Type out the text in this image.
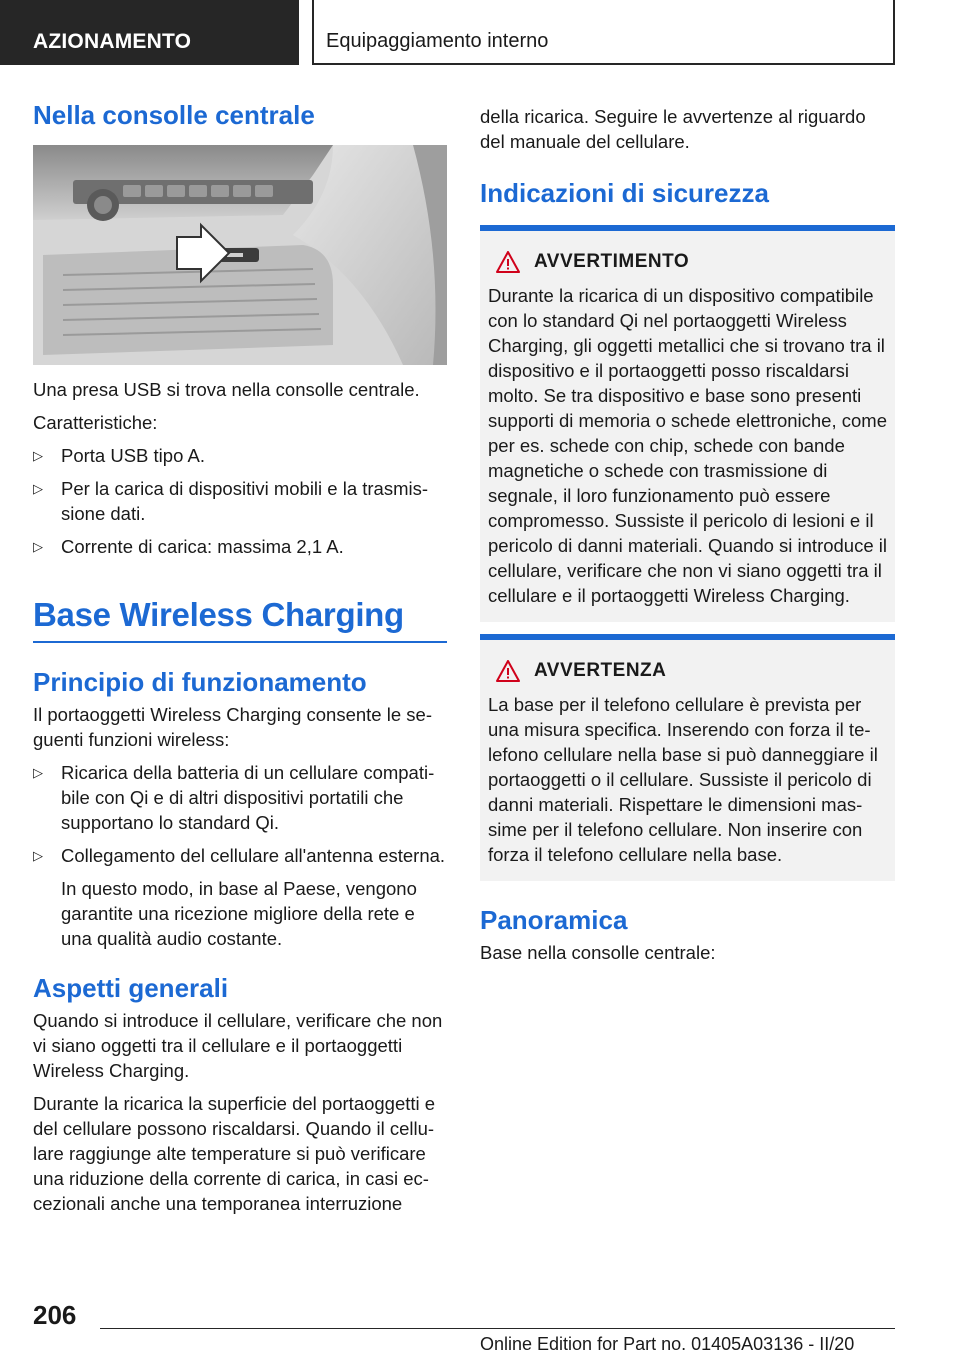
AZIONAMENTO	Equipaggiamento interno
Nella consolle centrale

Una presa USB si trova nella consolle centrale.

Caratteristiche:

▷ Porta USB tipo A.
▷ Per la carica di dispositivi mobili e la trasmis-sione dati.
▷ Corrente di carica: massima 2,1 A.
Base Wireless Charging
Principio di funzionamento

Il portaoggetti Wireless Charging consente le se-guenti funzioni wireless:

▷ Ricarica della batteria di un cellulare compati-bile con Qi e di altri dispositivi portatili che supportano lo standard Qi.
▷ Collegamento del cellulare all'antenna esterna.
In questo modo, in base al Paese, vengono garantite una ricezione migliore della rete e una qualità audio costante.
Aspetti generali

Quando si introduce il cellulare, verificare che non vi siano oggetti tra il cellulare e il portaoggetti Wireless Charging.

Durante la ricarica la superficie del portaoggetti e del cellulare possono riscaldarsi. Quando il cellu-lare raggiunge alte temperature si può verificare una riduzione della corrente di carica, in casi ec-cezionali anche una temporanea interruzione

della ricarica. Seguire le avvertenze al riguardo del manuale del cellulare.

Indicazioni di sicurezza
AVVERTIMENTO
Durante la ricarica di un dispositivo compatibile con lo standard Qi nel portaoggetti Wireless Charging, gli oggetti metallici che si trovano tra il dispositivo e il portaoggetti posso riscaldarsi molto. Se tra dispositivo e base sono presenti supporti di memoria o schede elettroniche, come per es. schede con chip, schede con bande magnetiche o schede con trasmissione di segnale, il loro funzionamento può essere compromesso. Sussiste il pericolo di lesioni e il pericolo di danni materiali. Quando si introduce il cellulare, verificare che non vi siano oggetti tra il cellulare e il portaoggetti Wireless Charging.
AVVERTENZA
La base per il telefono cellulare è prevista per una misura specifica. Inserendo con forza il te-lefono cellulare nella base si può danneggiare il portaoggetti o il cellulare. Sussiste il pericolo di danni materiali. Rispettare le dimensioni mas-sime per il telefono cellulare. Non inserire con forza il telefono cellulare nella base.
Panoramica

Base nella consolle centrale:

206
Online Edition for Part no. 01405A03136 - II/20
